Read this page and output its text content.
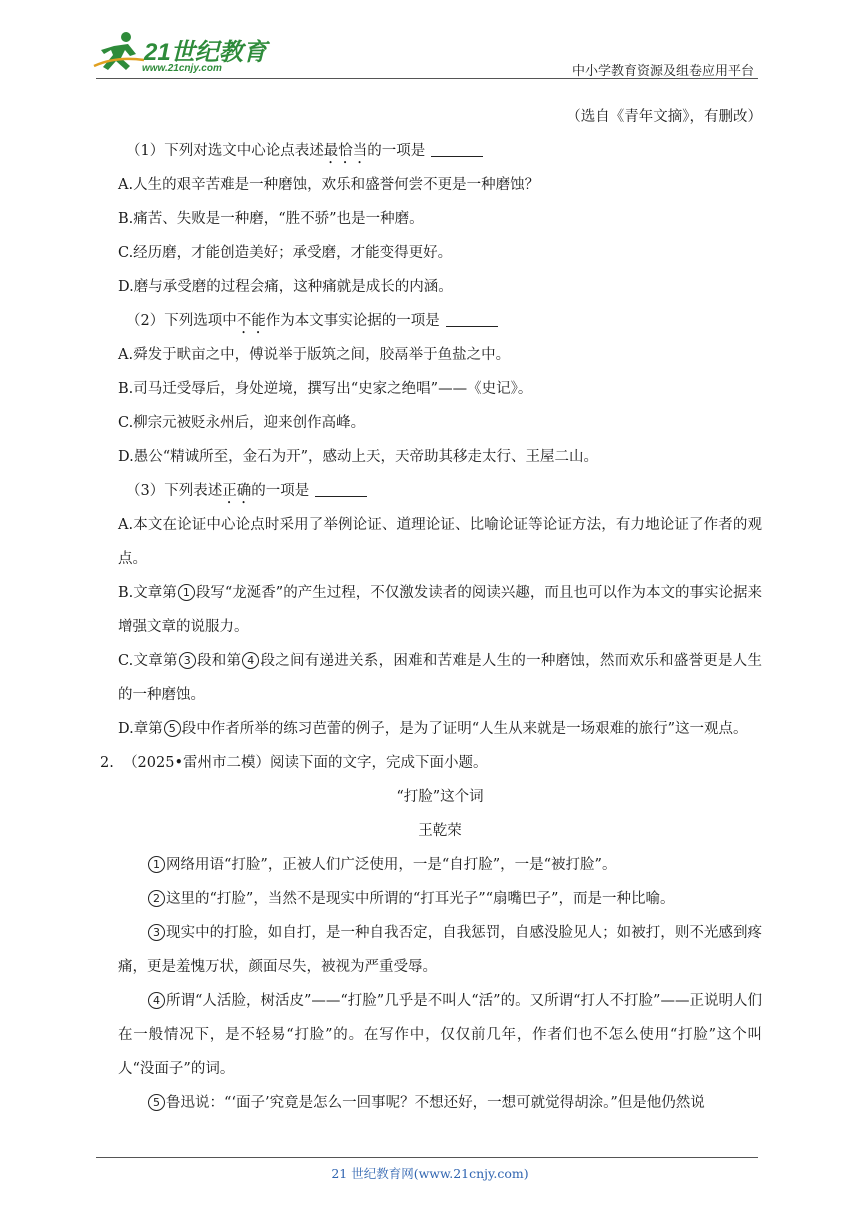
21世纪教育
www.21cnjy.com	中小学教育资源及组卷应用平台
（选自《青年文摘》，有删改）
（1）下列对选文中心论点表述最恰当的一项是
A.人生的艰辛苦难是一种磨蚀，欢乐和盛誉何尝不更是一种磨蚀？
B.痛苦、失败是一种磨，“胜不骄”也是一种磨。
C.经历磨，才能创造美好；承受磨，才能变得更好。
D.磨与承受磨的过程会痛，这种痛就是成长的内涵。
（2）下列选项中不能作为本文事实论据的一项是
A.舜发于畎亩之中，傅说举于版筑之间，胶鬲举于鱼盐之中。
B.司马迁受辱后，身处逆境，撰写出“史家之绝唱”——《史记》。
C.柳宗元被贬永州后，迎来创作高峰。
D.愚公“精诚所至，金石为开”，感动上天，天帝助其移走太行、王屋二山。
（3）下列表述正确的一项是
A.本文在论证中心论点时采用了举例论证、道理论证、比喻论证等论证方法，有力地论证了作者的观点。
B.文章第 1 段写“龙涎香”的产生过程，不仅激发读者的阅读兴趣，而且也可以作为本文的事实论据来增强文章的说服力。
C.文章第 3 段和第 4 段之间有递进关系，困难和苦难是人生的一种磨蚀，然而欢乐和盛誉更是人生的一种磨蚀。
D.章第 5 段中作者所举的练习芭蕾的例子，是为了证明“人生从来就是一场艰难的旅行”这一观点。
2. （2025•雷州市二模）阅读下面的文字，完成下面小题。
“打脸”这个词
王乾荣
1 网络用语“打脸”，正被人们广泛使用，一是“自打脸”，一是“被打脸”。
2 这里的“打脸”，当然不是现实中所谓的“打耳光子”“扇嘴巴子”，而是一种比喻。
3 现实中的打脸，如自打，是一种自我否定，自我惩罚，自感没脸见人；如被打，则不光感到疼痛，更是羞愧万状，颜面尽失，被视为严重受辱。
4 所谓“人活脸，树活皮”——“打脸”几乎是不叫人“活”的。又所谓“打人不打脸”——正说明人们在一般情况下，是不轻易“打脸”的。在写作中，仅仅前几年，作者们也不怎么使用“打脸”这个叫人“没面子”的词。
5 鲁迅说：“‘面子’究竟是怎么一回事呢？不想还好，一想可就觉得胡涂。”但是他仍然说
21 世纪教育网(www.21cnjy.com)
